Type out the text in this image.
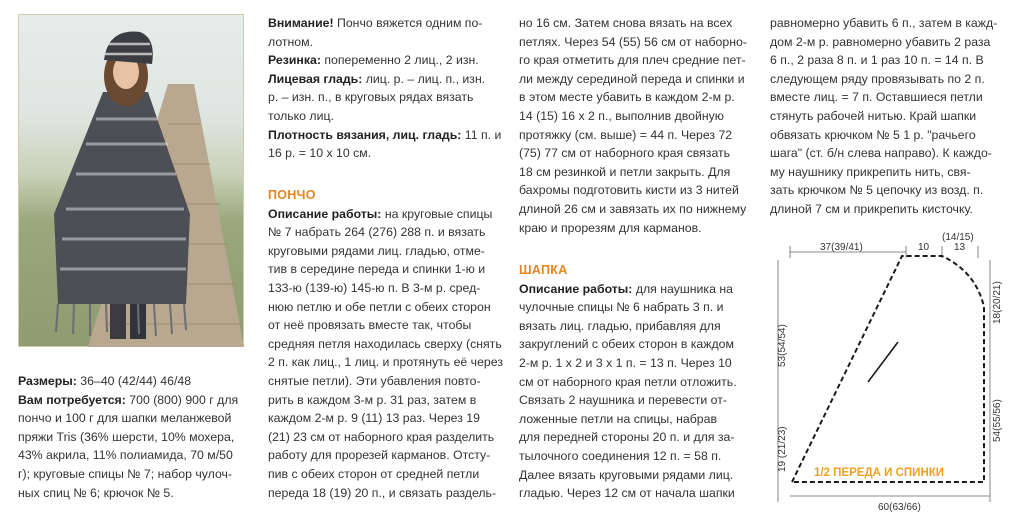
Размеры: 36–40 (42/44) 46/48
Вам потребуется: 700 (800) 900 г для
пончо и 100 г для шапки меланжевой
пряжи Tris (36% шерсти, 10% мохера,
43% акрила, 11% полиамида, 70 м/50
г); круговые спицы № 7; набор чулоч-
ных спиц № 6; крючок № 5.
Внимание! Пончо вяжется одним по-
лотном.
Резинка: попеременно 2 лиц., 2 изн.
Лицевая гладь: лиц. р. – лиц. п., изн.
р. – изн. п., в круговых рядах вязать
только лиц.
Плотность вязания, лиц. гладь: 11 п. и
16 р. = 10 х 10 см.
ПОНЧО
Описание работы: на круговые спицы
№ 7 набрать 264 (276) 288 п. и вязать
круговыми рядами лиц. гладью, отме-
тив в середине переда и спинки 1-ю и
133-ю (139-ю) 145-ю п. В 3-м р. сред-
нюю петлю и обе петли с обеих сторон
от неё провязать вместе так, чтобы
средняя петля находилась сверху (снять
2 п. как лиц., 1 лиц. и протянуть её через
снятые петли). Эти убавления повто-
рить в каждом 3-м р. 31 раз, затем в
каждом 2-м р. 9 (11) 13 раз. Через 19
(21) 23 см от наборного края разделить
работу для прорезей карманов. Отсту-
пив с обеих сторон от средней петли
переда 18 (19) 20 п., и связать раздель-
но 16 см. Затем снова вязать на всех
петлях. Через 54 (55) 56 см от наборно-
го края отметить для плеч средние пет-
ли между серединой переда и спинки и
в этом месте убавить в каждом 2-м р.
14 (15) 16 х 2 п., выполнив двойную
протяжку (см. выше) = 44 п. Через 72
(75) 77 см от наборного края связать
18 см резинкой и петли закрыть. Для
бахромы подготовить кисти из 3 нитей
длиной 26 см и завязать их по нижнему
краю и прорезям для карманов.
ШАПКА
Описание работы: для наушника на
чулочные спицы № 6 набрать 3 п. и
вязать лиц. гладью, прибавляя для
закруглений с обеих сторон в каждом
2-м р. 1 х 2 и 3 х 1 п. = 13 п. Через 10
см от наборного края петли отложить.
Связать 2 наушника и перевести от-
ложенные петли на спицы, набрав
для передней стороны 20 п. и для за-
тылочного соединения 12 п. = 58 п.
Далее вязать круговыми рядами лиц.
гладью. Через 12 см от начала шапки
равномерно убавить 6 п., затем в кажд-
дом 2-м р. равномерно убавить 2 раза
6 п., 2 раза 8 п. и 1 раз 10 п. = 14 п. В
следующем ряду провязывать по 2 п.
вместе лиц. = 7 п. Оставшиеся петли
стянуть рабочей нитью. Край шапки
обвязать крючком № 5 1 р. "рачьего
шага" (ст. б/н слева направо). К каждо-
му наушнику прикрепить нить, свя-
зать крючком № 5 цепочку из возд. п.
длиной 7 см и прикрепить кисточку.
37(39/41)	10
(14/15)
13
53(54/54)
19 (21/23)
18(20/21)
54(55/56)
60(63/66)
1/2 ПЕРЕДА И СПИНКИ
